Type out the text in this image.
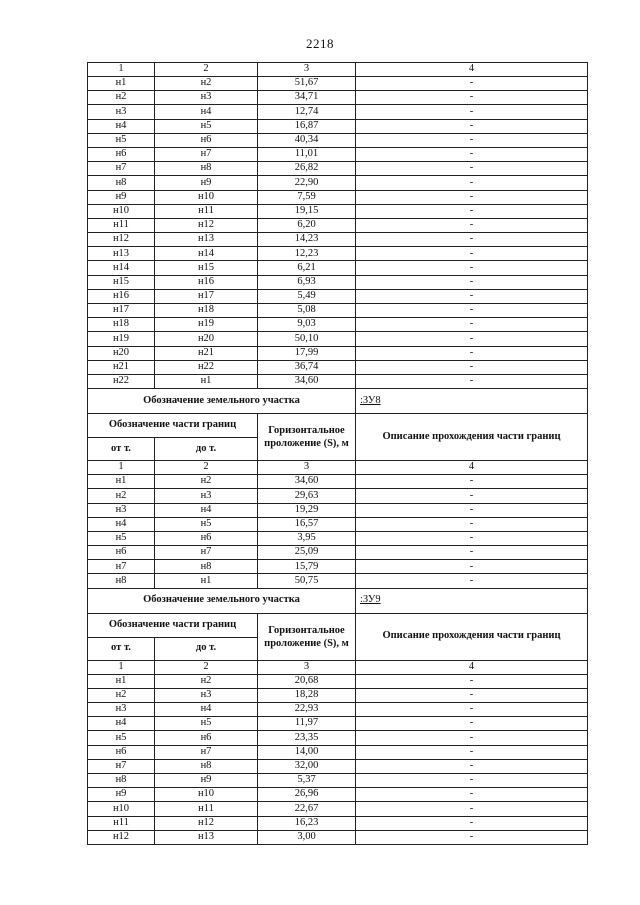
2218
1	2	3	4
н1	н2	51,67	-
н2	н3	34,71	-
н3	н4	12,74	-
н4	н5	16,87	-
н5	н6	40,34	-
н6	н7	11,01	-
н7	н8	26,82	-
н8	н9	22,90	-
н9	н10	7,59	-
н10	н11	19,15	-
н11	н12	6,20	-
н12	н13	14,23	-
н13	н14	12,23	-
н14	н15	6,21	-
н15	н16	6,93	-
н16	н17	5,49	-
н17	н18	5,08	-
н18	н19	9,03	-
н19	н20	50,10	-
н20	н21	17,99	-
н21	н22	36,74	-
н22	н1	34,60	-
Обозначение земельного участка			:ЗУ8
Обозначение части границ		Горизонтальное проложение (S), м	Описание прохождения части границ
от т.	до т.		
1	2	3	4
н1	н2	34,60	-
н2	н3	29,63	-
н3	н4	19,29	-
н4	н5	16,57	-
н5	н6	3,95	-
н6	н7	25,09	-
н7	н8	15,79	-
н8	н1	50,75	-
Обозначение земельного участка			:ЗУ9
Обозначение части границ		Горизонтальное проложение (S), м	Описание прохождения части границ
от т.	до т.		
1	2	3	4
н1	н2	20,68	-
н2	н3	18,28	-
н3	н4	22,93	-
н4	н5	11,97	-
н5	н6	23,35	-
н6	н7	14,00	-
н7	н8	32,00	-
н8	н9	5,37	-
н9	н10	26,96	-
н10	н11	22,67	-
н11	н12	16,23	-
н12	н13	3,00	-
